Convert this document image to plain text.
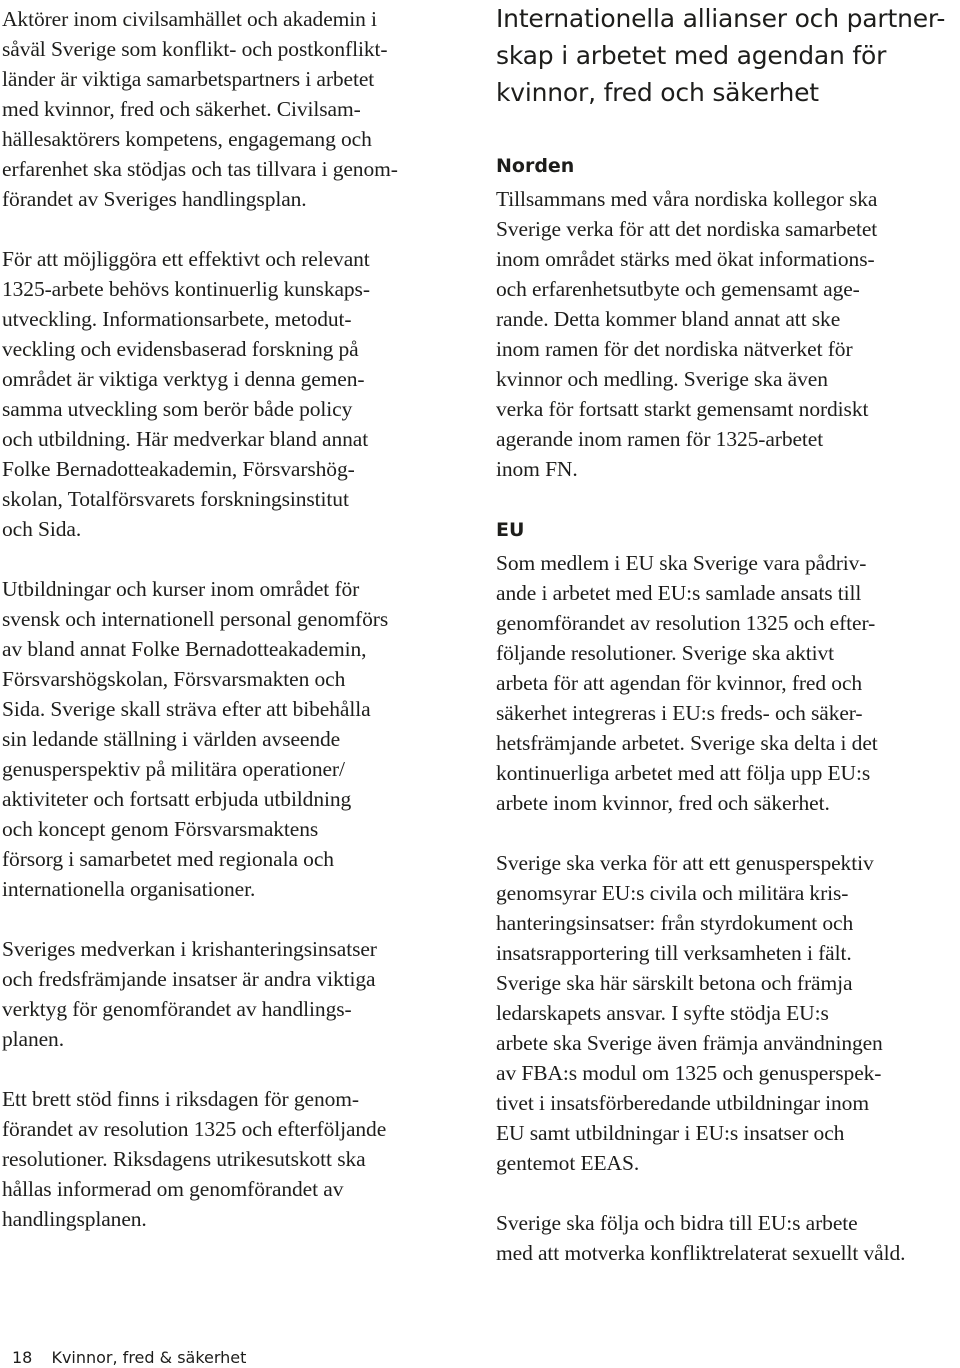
Aktörer inom civilsamhället och akademin i
såväl Sverige som konflikt- och postkonflikt-
länder är viktiga samarbetspartners i arbetet
med kvinnor, fred och säkerhet. Civilsam-
hällesaktörers kompetens, engagemang och
erfarenhet ska stödjas och tas tillvara i genom-
förandet av Sveriges handlingsplan.

För att möjliggöra ett effektivt och relevant
1325-arbete behövs kontinuerlig kunskaps-
utveckling. Informationsarbete, metodut-
veckling och evidensbaserad forskning på
området är viktiga verktyg i denna gemen-
samma utveckling som berör både policy
och utbildning. Här medverkar bland annat
Folke Bernadotteakademin, Försvarshög-
skolan, Totalförsvarets forskningsinstitut
och Sida.

Utbildningar och kurser inom området för
svensk och internationell personal genomförs
av bland annat Folke Bernadotteakademin,
Försvarshögskolan, Försvarsmakten och
Sida. Sverige skall sträva efter att bibehålla
sin ledande ställning i världen avseende
genusperspektiv på militära operationer/
aktiviteter och fortsatt erbjuda utbildning
och koncept genom Försvarsmaktens
försorg i samarbetet med regionala och
internationella organisationer.

Sveriges medverkan i krishanteringsinsatser
och fredsfrämjande insatser är andra viktiga
verktyg för genomförandet av handlings-
planen.

Ett brett stöd finns i riksdagen för genom-
förandet av resolution 1325 och efterföljande
resolutioner. Riksdagens utrikesutskott ska
hållas informerad om genomförandet av
handlingsplanen.

Internationella allianser och partner-
skap i arbetet med agendan för
kvinnor, fred och säkerhet
Norden

Tillsammans med våra nordiska kollegor ska
Sverige verka för att det nordiska samarbetet
inom området stärks med ökat informations-
och erfarenhetsutbyte och gemensamt age-
rande. Detta kommer bland annat att ske
inom ramen för det nordiska nätverket för
kvinnor och medling. Sverige ska även
verka för fortsatt starkt gemensamt nordiskt
agerande inom ramen för 1325-arbetet
inom FN.

EU

Som medlem i EU ska Sverige vara pådriv-
ande i arbetet med EU:s samlade ansats till
genomförandet av resolution 1325 och efter-
följande resolutioner. Sverige ska aktivt
arbeta för att agendan för kvinnor, fred och
säkerhet integreras i EU:s freds- och säker-
hetsfrämjande arbetet. Sverige ska delta i det
kontinuerliga arbetet med att följa upp EU:s
arbete inom kvinnor, fred och säkerhet.

Sverige ska verka för att ett genusperspektiv
genomsyrar EU:s civila och militära kris-
hanteringsinsatser: från styrdokument och
insatsrapportering till verksamheten i fält.
Sverige ska här särskilt betona och främja
ledarskapets ansvar. I syfte stödja EU:s
arbete ska Sverige även främja användningen
av FBA:s modul om 1325 och genusperspek-
tivet i insatsförberedande utbildningar inom
EU samt utbildningar i EU:s insatser och
gentemot EEAS.

Sverige ska följa och bidra till EU:s arbete
med att motverka konfliktrelaterat sexuellt våld.

18 Kvinnor, fred & säkerhet
